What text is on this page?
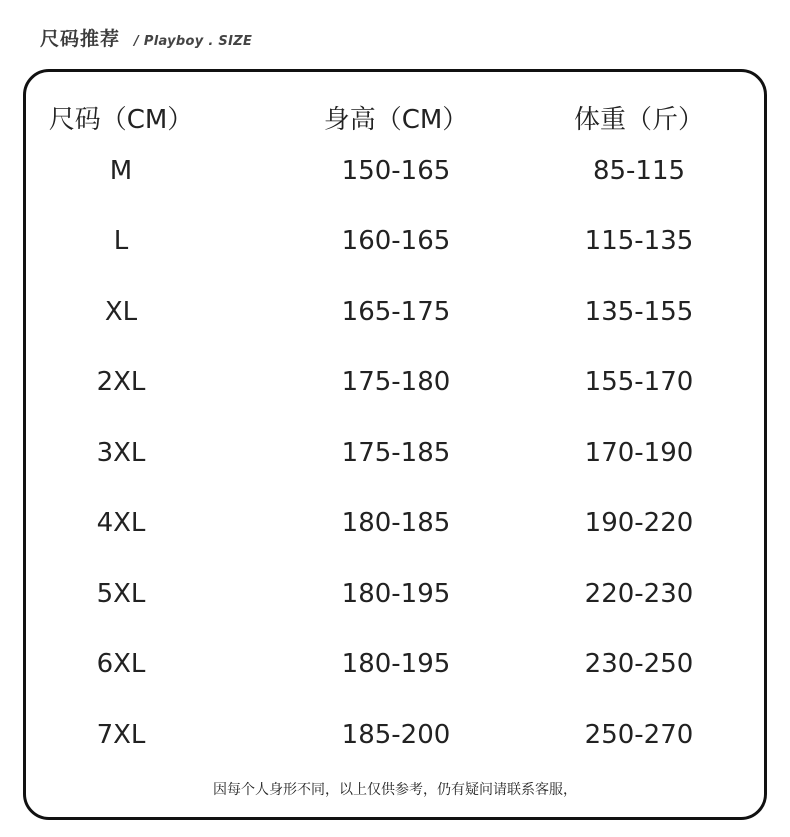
尺码推荐 / Playboy . SIZE
尺码（CM）	身高（CM）	体重（斤）
M	150-165	85-115
L	160-165	115-135
XL	165-175	135-155
2XL	175-180	155-170
3XL	175-185	170-190
4XL	180-185	190-220
5XL	180-195	220-230
6XL	180-195	230-250
7XL	185-200	250-270
因每个人身形不同，以上仅供参考，仍有疑问请联系客服，
